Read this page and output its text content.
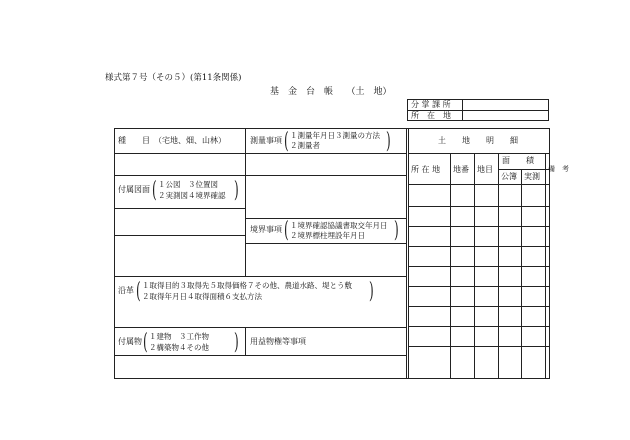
様式第７号（その５）(第11条関係)
基　金　台　帳　　（土　地）
分 掌 課 所
所　在　地
種　　目　（宅地、畑、山林）	測量事項 ( １測量年月日３測量の方法
２測量者	)
付属図面 ( １公図　３位置図
２実測図４境界確認 )
境界事項 ( １境界確認協議書取交年月日
２境界標柱埋設年月日 )
沿革 ( １取得目的３取得先５取得価格７その他、農道水路、堤とう敷
２取得年月日４取得面積６支払方法	)
付属物 ( １建物　３工作物
２構築物４その他 ) 用益物権等事項
土　　地　　明　　細
所 在 地 地番 地目
面　　積
公簿 実測
備　考
